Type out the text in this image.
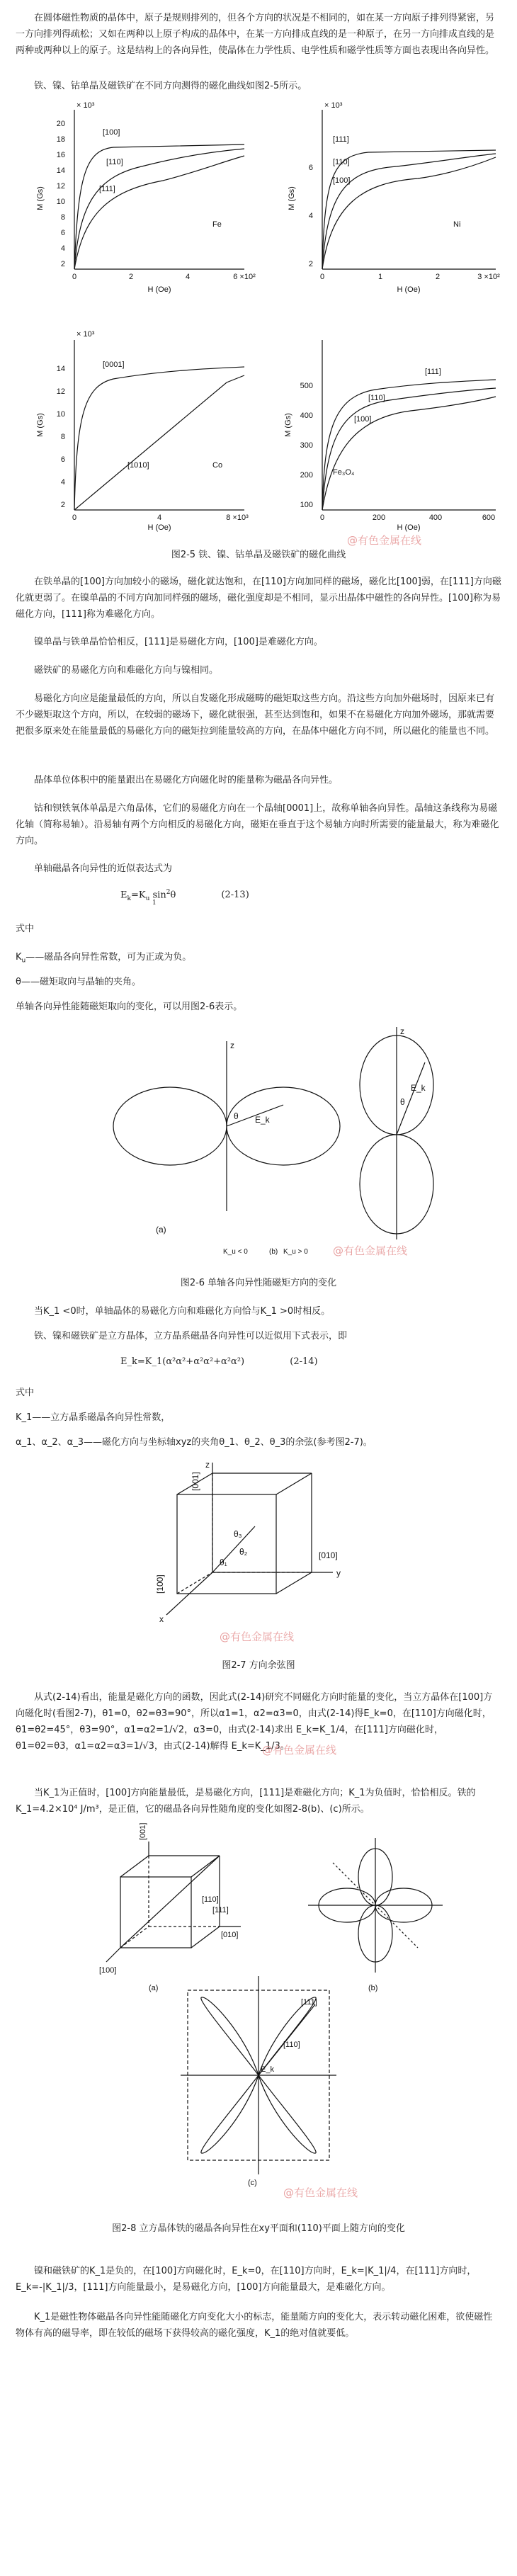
在圆体磁性物质的晶体中，原子是规则排列的，但各个方向的状况是不相同的，如在某一方向原子排列得紧密，另一方向排列得疏松；又如在两种以上原子构成的晶体中，在某一方向排成直线的是一种原子，在另一方向排成直线的是两种或两种以上的原子。这是结构上的各向异性，使晶体在力学性质、电学性质和磁学性质等方面也表现出各向异性。

铁、镍、钴单晶及磁铁矿在不同方向测得的磁化曲线如图2-5所示。

× 10³
2
4
6
8
10
12
14
16
18
20
0	2	4	6 ×10²
[100]
[110]
[111]
Fe
M (Gs)
H (Oe)
× 10³
2
4
6
0	1	2	3 ×10²
[111]
[110]
[100]
Ni
M (Gs)
H (Oe)
× 10³
2
4
6
8
10
12
14
0	4	8 ×10³
[0001]
[1010]	Co
M (Gs)
H (Oe)
100
200
300
400
500
0	200	400	600
[111]
[110]
[100]
Fe₃O₄
M (Gs)
H (Oe)
@有色金属在线
图2-5 铁、镍、钴单晶及磁铁矿的磁化曲线

在铁单晶的[100]方向加较小的磁场，磁化就达饱和，在[110]方向加同样的磁场，磁化比[100]弱，在[111]方向磁化就更弱了。在镍单晶的不同方向加同样强的磁场，磁化强度却是不相同，显示出晶体中磁性的各向异性。[100]称为易磁化方向，[111]称为难磁化方向。

镍单晶与铁单晶恰恰相反，[111]是易磁化方向，[100]是难磁化方向。

磁铁矿的易磁化方向和难磁化方向与镍相同。

易磁化方向应是能量最低的方向，所以自发磁化形成磁畴的磁矩取这些方向。沿这些方向加外磁场时，因原来已有不少磁矩取这个方向，所以，在较弱的磁场下，磁化就很强，甚至达到饱和，如果不在易磁化方向加外磁场，那就需要把很多原来处在能量最低的易磁化方向的磁矩拉到能量较高的方向，在晶体中磁化方向不同，所以磁化的能量也不同。

晶体单位体积中的能量跟出在易磁化方向磁化时的能量称为磁晶各向异性。

钴和钡铁氧体单晶是六角晶体，它们的易磁化方向在一个晶轴[0001]上，故称单轴各向异性。晶轴这条线称为易磁化轴（简称易轴）。沿易轴有两个方向相反的易磁化方向，磁矩在垂直于这个易轴方向时所需要的能量最大，称为难磁化方向。

单轴磁晶各向异性的近似表达式为

$E_k=K_u$ $\sin^2\theta$	(2-13)
1

式中

$K_u——$磁晶各向异性常数，可为正或为负。

θ——磁矩取向与晶轴的夹角。

单轴各向异性能随磁矩取向的变化，可以用图2-6表示。

E_k
θ
z
E_k
θ
z
(a)
K_u < 0	(b) K_u > 0 @有色金属在线
图2-6 单轴各向异性随磁矩方向的变化

当K_1 <0时，单轴晶体的易磁化方向和难磁化方向恰与K_1 >0时相反。

铁、镍和磁铁矿是立方晶体，立方晶系磁晶各向异性可以近似用下式表示，即

E_k=K_1(α²α²+α²α²+α²α²)	(2-14)

式中

K_1——立方晶系磁晶各向异性常数，

α_1、α_2、α_3——磁化方向与坐标轴xyz的夹角θ_1、θ_2、θ_3的余弦(参考图2-7)。

z
x
y
[001]
[010]
[100]
θ₃
θ₂
θ₁
@有色金属在线
图2-7 方向余弦图

从式(2-14)看出，能量是磁化方向的函数，因此式(2-14)研究不同磁化方向时能量的变化，当立方晶体在[100]方向磁化时(看图2-7)，θ1=0，θ2=θ3=90°，所以α1=1，α2=α3=0，由式(2-14)得E_k=0，在[110]方向磁化时，θ1=θ2=45°，θ3=90°，α1=α2=1/√2，α3=0，由式(2-14)求出 E_k=K_1/4，在[111]方向磁化时，θ1=θ2=θ3，α1=α2=α3=1/√3，由式(2-14)解得 E_k=K_1/3。

@有色金属在线

当K_1为正值时，[100]方向能量最低，是易磁化方向，[111]是难磁化方向；K_1为负值时，恰恰相反。铁的K_1=4.2×10⁴ J/m³，是正值，它的磁晶各向异性随角度的变化如图2-8(b)、(c)所示。

[001]
[110]
[111]
[010]
[100]
(a)	(b)
(c)
[110]
[111]
E_k
@有色金属在线
图2-8 立方晶体铁的磁晶各向异性在xy平面和(110)平面上随方向的变化

镍和磁铁矿的K_1是负的，在[100]方向磁化时，E_k=0，在[110]方向时，E_k=|K_1|/4，在[111]方向时，E_k=-|K_1|/3，[111]方向能量最小，是易磁化方向，[100]方向能量最大，是难磁化方向。

K_1是磁性物体磁晶各向异性能随磁化方向变化大小的标志，能量随方向的变化大，表示转动磁化困难，欲使磁性物体有高的磁导率，即在较低的磁场下获得较高的磁化强度，K_1的绝对值就要低。
